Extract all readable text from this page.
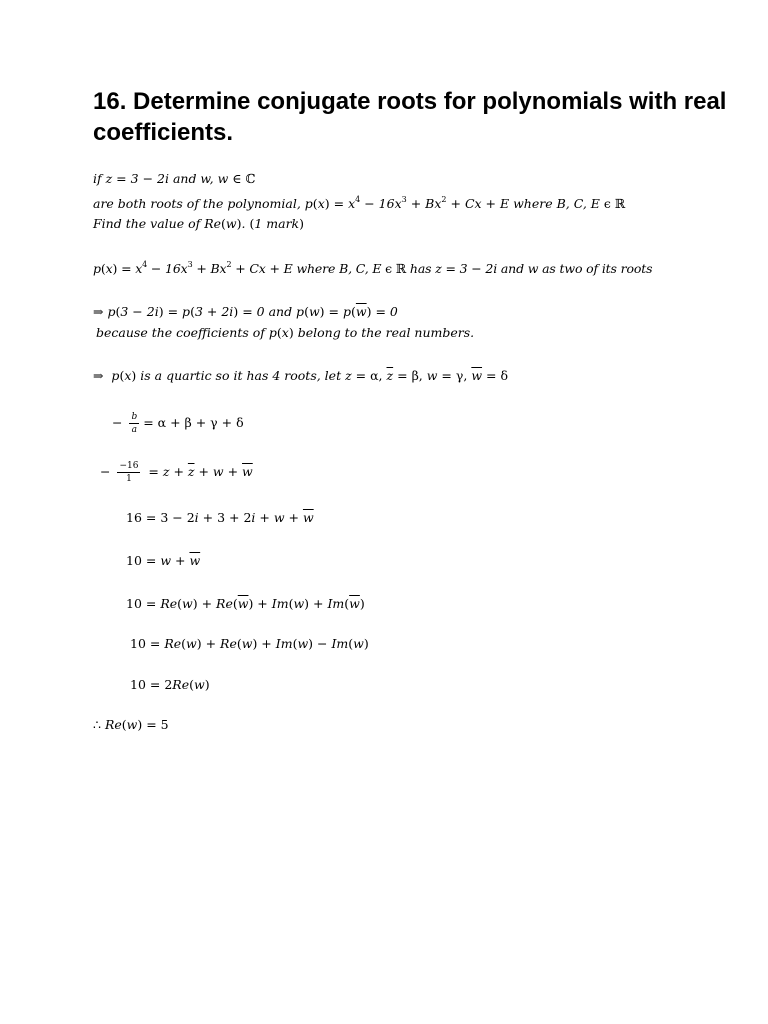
16. Determine conjugate roots for polynomials with real coefficients.
if z = 3 − 2i and w, w ∈ ℂ
are both roots of the polynomial, $p(x) = x^4 - 16x^3 + Bx^2 + Cx + E$ where B, C, E ϵ ℝ
Find the value of Re(w). (1 mark)
$p(x) = x^4 - 16x^3 + Bx^2 + Cx + E$ where B, C, E ϵ ℝ has z = 3 − 2i and w as two of its roots
⇒ p(3 − 2i) = p(3 + 2i) = 0 and $p(w) = p(\overline{w}) = 0$
because the coefficients of p(x) belong to the real numbers.
⇒  p(x) is a quartic so it has 4 roots, let z = α, $\overline{z} = \beta$, w = γ, $\overline{w} = \delta$
− $\frac{b}{a} = \alpha + \beta + \gamma + \delta$
− $\frac{-16}{1} = z + \overline{z} + w + \overline{w}$
$16 = 3 - 2i + 3 + 2i + w + \overline{w}$
$10 = w + \overline{w}$
$10 = Re(w) + Re(\overline{w}) + Im(w) + Im(\overline{w})$
10 = Re(w) + Re(w) + Im(w) − Im(w)
10 = 2Re(w)
∴ Re(w) = 5
